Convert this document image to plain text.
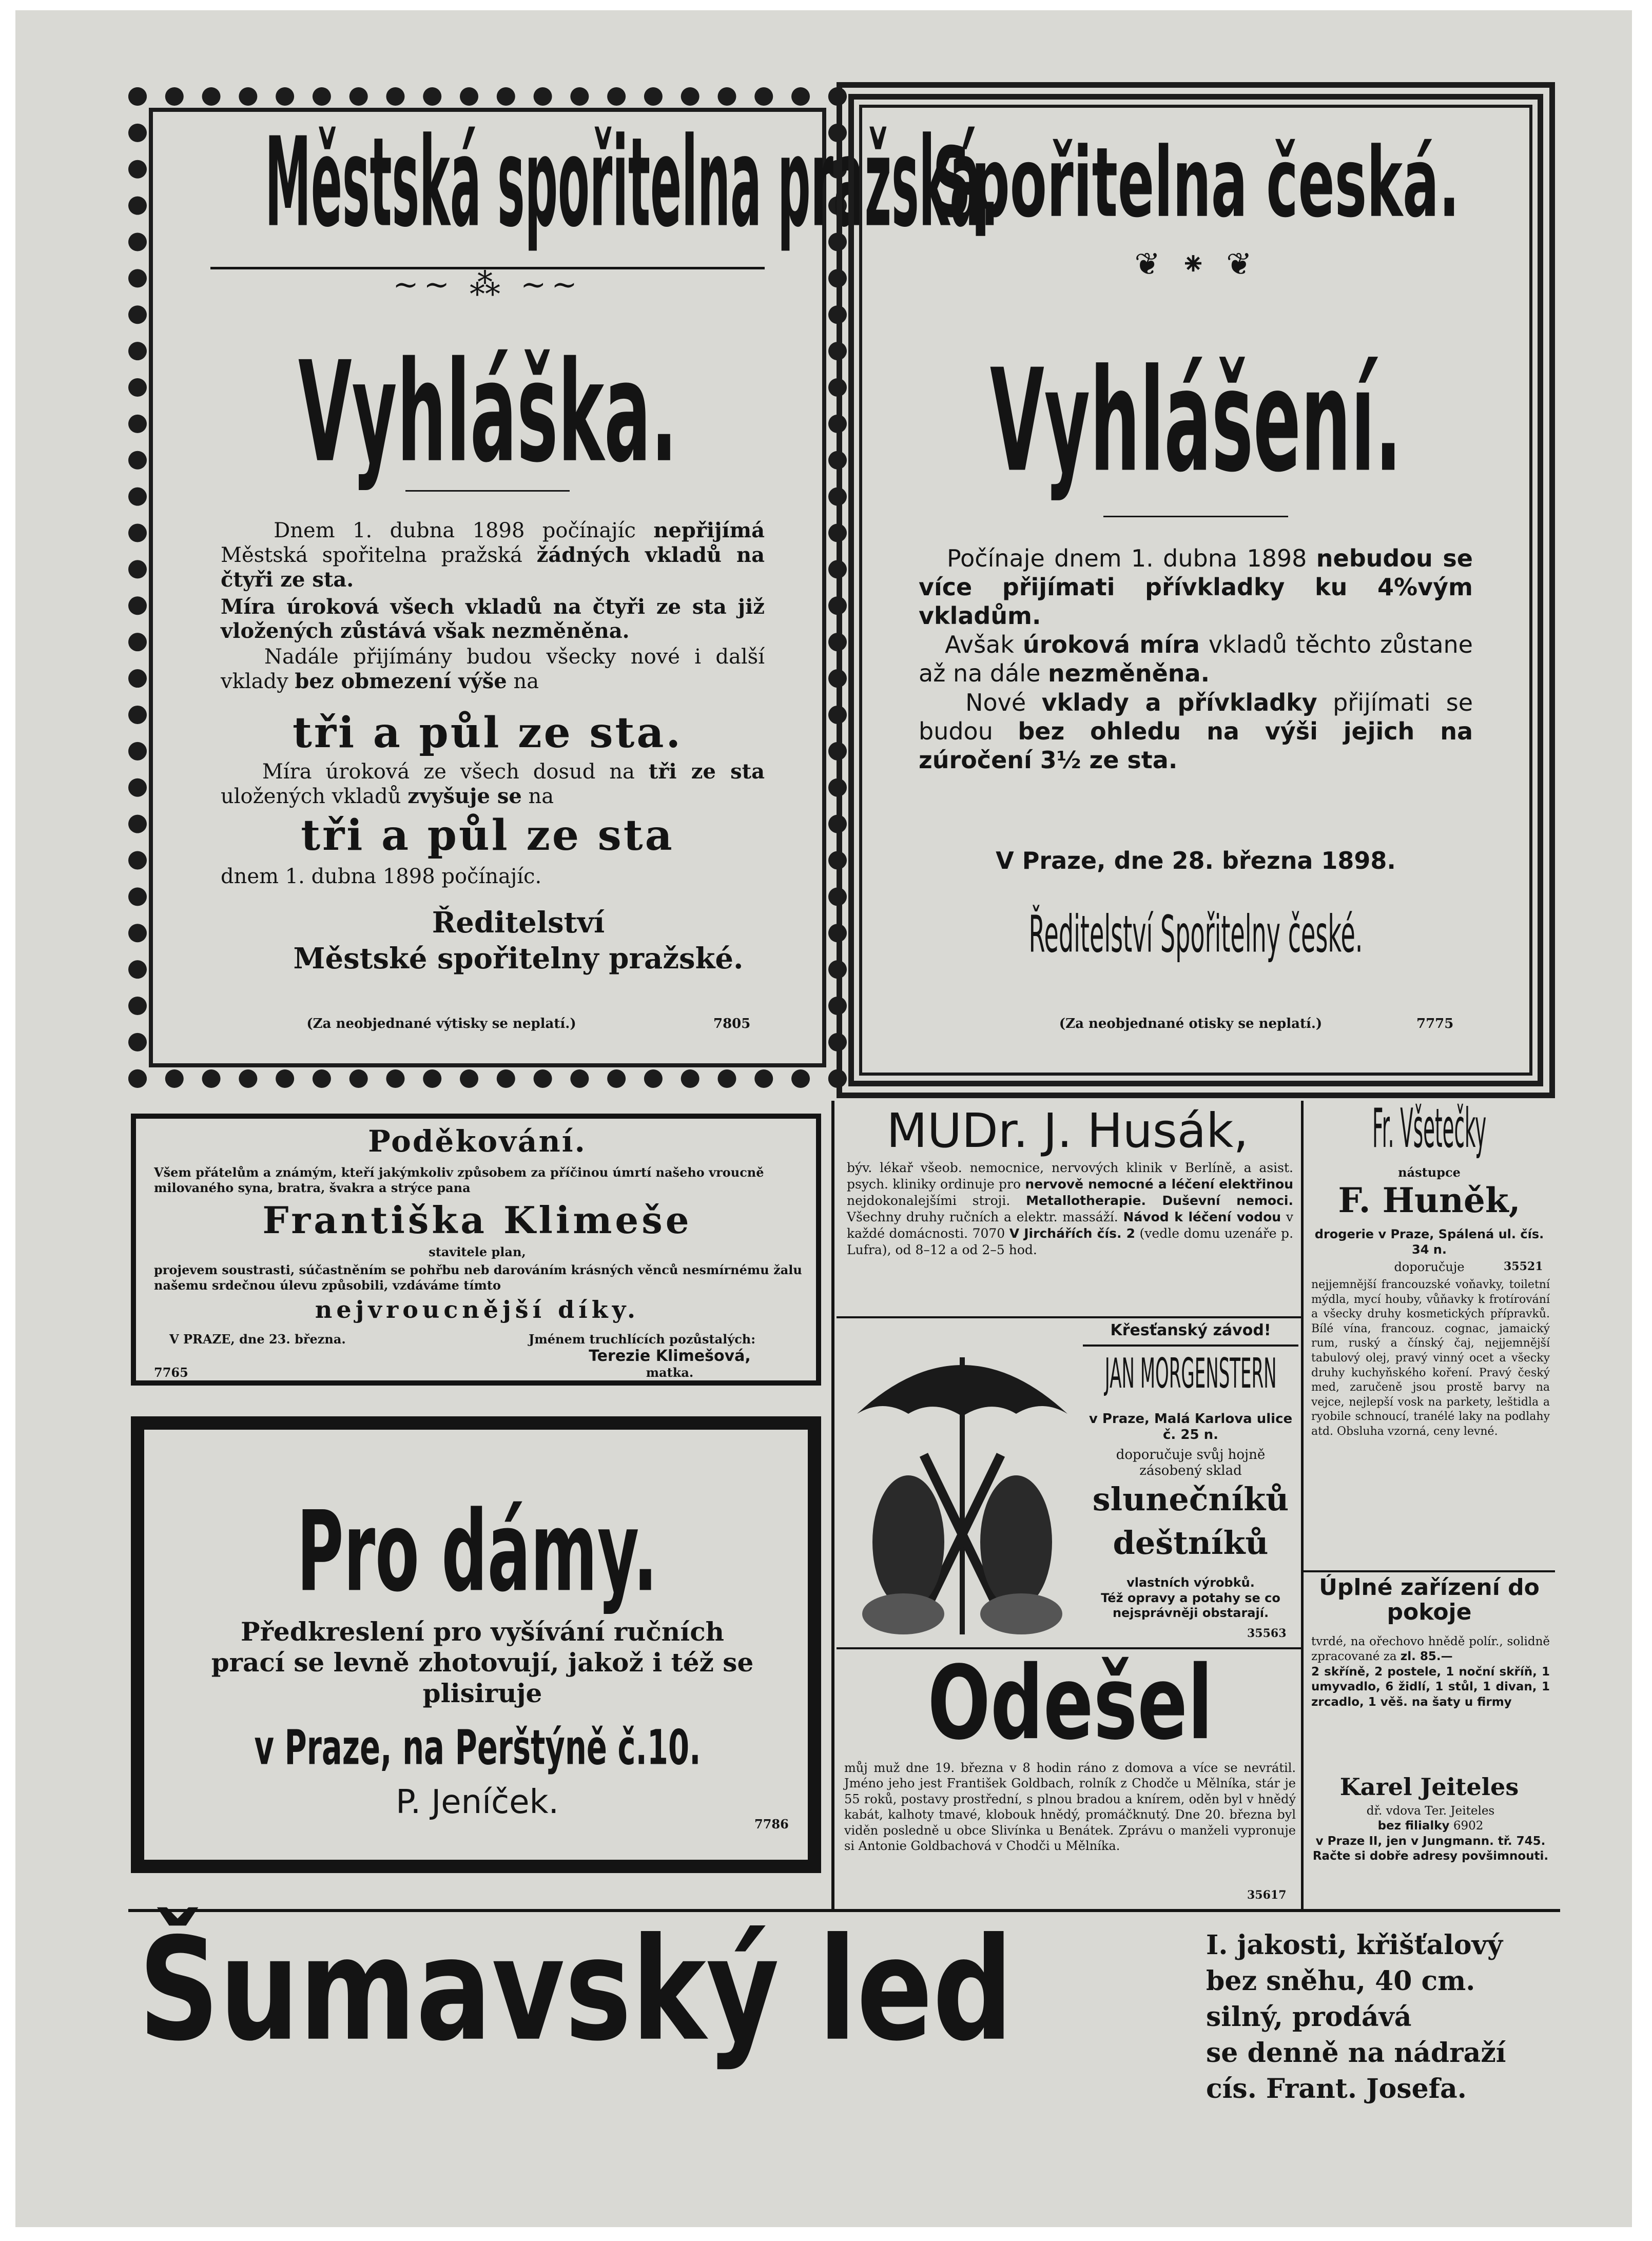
Městská spořitelna pražská.
~~ ⁂ ~~
Vyhláška.

Dnem 1. dubna 1898 počínajíc nepřijímá Městská spořitelna pražská žádných vkladů na čtyři ze sta.

Míra úroková všech vkladů na čtyři ze sta již vložených zůstává však nezměněna.

Nadále přijímány budou všecky nové i další vklady bez obmezení výše na

tři a půl ze sta.
Míra úroková ze všech dosud na tři ze sta uložených vkladů zvyšuje se na
tři a půl ze sta
dnem 1. dubna 1898 počínajíc.
Ředitelství
Městské spořitelny pražské.
(Za neobjednané výtisky se neplatí.)	7805
Spořitelna česká.
❦ ⁕ ❦
Vyhlášení.

Počínaje dnem 1. dubna 1898 nebudou se více přijímati přívkladky ku 4%vým vkladům.

Avšak úroková míra vkladů těchto zůstane až na dále nezměněna.

Nové vklady a přívkladky přijímati se budou bez ohledu na výši jejich na zúročení 3½ ze sta.

V Praze, dne 28. března 1898.
Ředitelství Spořitelny české.
(Za neobjednané otisky se neplatí.)	7775
Poděkování.
Všem přátelům a známým, kteří jakýmkoliv způsobem za příčinou úmrtí našeho vroucně milovaného syna, bratra, švakra a strýce pana
Františka Klimeše
stavitele plan,
projevem soustrasti, súčastněním se pohřbu neb darováním krásných věnců nesmírnému žalu našemu srdečnou úlevu způsobili, vzdáváme tímto
nejvroucnější díky.
V PRAZE, dne 23. března.	Jménem truchlících pozůstalých:
Terezie Klimešová,
matka.
7765
Pro dámy.
Předkreslení pro vyšívání ručních prací se levně zhotovují, jakož i též se plisiruje
v Praze, na Perštýně č.10.
P. Jeníček.
7786
MUDr. J. Husák,
býv. lékař všeob. nemocnice, nervových klinik v Berlíně, a asist. psych. kliniky ordinuje pro nervově nemocné a léčení elektřinou nejdokonalejšími stroji. Metallotherapie. Duševní nemoci. Všechny druhy ručních a elektr. massáží. Návod k léčení vodou v každé domácnosti. 7070 V Jirchářích čís. 2 (vedle domu uzenáře p. Lufra), od 8–12 a od 2–5 hod.
Křesťanský závod!
JAN MORGENSTERN
v Praze, Malá Karlova ulice č. 25 n.
doporučuje svůj hojně zásobený sklad
slunečníků
deštníků
vlastních výrobků.
Též opravy a potahy se co nejsprávněji obstarají.
35563
Odešel
můj muž dne 19. března v 8 hodin ráno z domova a více se nevrátil. Jméno jeho jest František Goldbach, rolník z Chodče u Mělníka, stár je 55 roků, postavy prostřední, s plnou bradou a knírem, oděn byl v hnědý kabát, kalhoty tmavé, klobouk hnědý, promáčknutý. Dne 20. března byl viděn posledně u obce Slivínka u Benátek. Zprávu o manželi vypronuje si Antonie Goldbachová v Chodči u Mělníka.
35617
Fr. Všetečky
nástupce
F. Huněk,
drogerie v Praze, Spálená ul. čís. 34 n.
doporučuje	35521
nejjemnější francouzské voňavky, toiletní mýdla, mycí houby, vůňavky k frotírování a všecky druhy kosmetických přípravků. Bílé vína, francouz. cognac, jamaický rum, ruský a čínský čaj, nejjemnější tabulový olej, pravý vinný ocet a všecky druhy kuchyňského koření. Pravý český med, zaručeně jsou prostě barvy na vejce, nejlepší vosk na parkety, leštidla a ryobile schnoucí, tranélé laky na podlahy atd. Obsluha vzorná, ceny levné.
Úplné zařízení do pokoje
tvrdé, na ořechovo hnědě polír., solidně zpracované za zl. 85.—
2 skříně, 2 postele, 1 noční skříň, 1 umyvadlo, 6 židlí, 1 stůl, 1 divan, 1 zrcadlo, 1 věš. na šaty u firmy
Karel Jeiteles
dř. vdova Ter. Jeiteles
bez filialky 6902
v Praze II, jen v Jungmann. tř. 745. Račte si dobře adresy povšimnouti.
Šumavský led	I. jakosti, křišťalový
bez sněhu, 40 cm.
silný, prodává
se denně na nádraží
cís. Frant. Josefa.
